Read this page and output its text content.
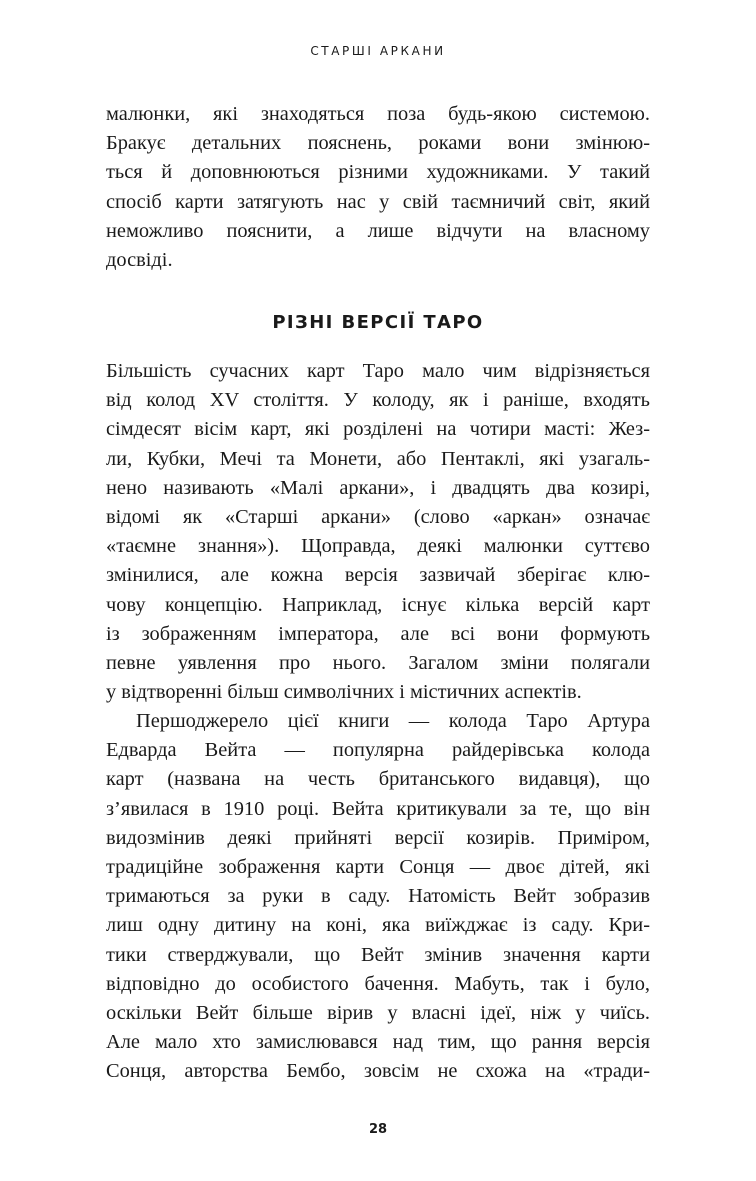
СТАРШІ АРКАНИ
малюнки, які знаходяться поза будь-якою системою.
Бракує детальних пояснень, роками вони змінюю-
ться й доповнюються різними художниками. У такий
спосіб карти затягують нас у свій таємничий світ, який
неможливо пояснити, а лише відчути на власному
досвіді.
РІЗНІ ВЕРСІЇ ТАРО
Більшість сучасних карт Таро мало чим відрізняється
від колод XV століття. У колоду, як і раніше, входять
сімдесят вісім карт, які розділені на чотири масті: Жез-
ли, Кубки, Мечі та Монети, або Пентаклі, які узагаль-
нено називають «Малі аркани», і двадцять два козирі,
відомі як «Старші аркани» (слово «аркан» означає
«таємне знання»). Щоправда, деякі малюнки суттєво
змінилися, але кожна версія зазвичай зберігає клю-
чову концепцію. Наприклад, існує кілька версій карт
із зображенням імператора, але всі вони формують
певне уявлення про нього. Загалом зміни полягали
у відтворенні більш символічних і містичних аспектів.
Першоджерело цієї книги — колода Таро Артура
Едварда Вейта — популярна райдерівська колода
карт (названа на честь британського видавця), що
з’явилася в 1910 році. Вейта критикували за те, що він
видозмінив деякі прийняті версії козирів. Приміром,
традиційне зображення карти Сонця — двоє дітей, які
тримаються за руки в саду. Натомість Вейт зобразив
лиш одну дитину на коні, яка виїжджає із саду. Кри-
тики стверджували, що Вейт змінив значення карти
відповідно до особистого бачення. Мабуть, так і було,
оскільки Вейт більше вірив у власні ідеї, ніж у чиїсь.
Але мало хто замислювався над тим, що рання версія
Сонця, авторства Бембо, зовсім не схожа на «тради-
28
